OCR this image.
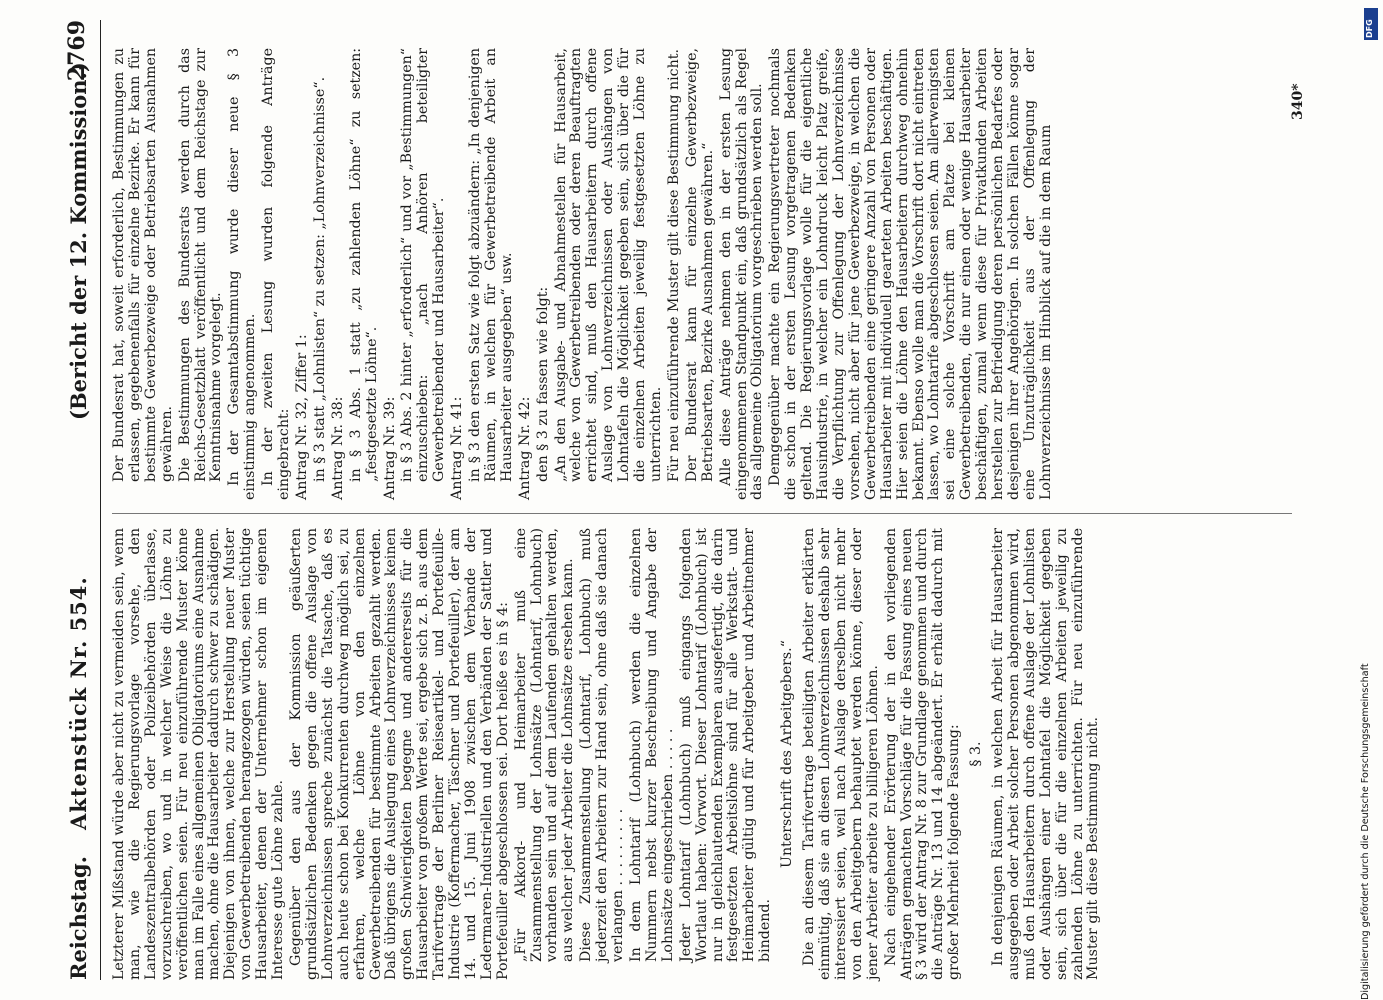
Reichstag.
Aktenstück Nr. 554.
(Bericht der 12. Kommission.)
2769

Letzterer Mißstand würde aber nicht zu vermeiden sein, wenn man, wie die Regierungsvorlage vorsehe, den Landeszentralbehörden oder Polizeibehörden überlasse, vorzuschreiben, wo und in welcher Weise die Löhne zu veröffentlichen seien. Für neu einzuführende Muster könne man im Falle eines allgemeinen Obligatoriums eine Ausnahme machen, ohne die Hausarbeiter dadurch schwer zu schädigen. Diejenigen von ihnen, welche zur Herstellung neuer Muster von Gewerbetreibenden herangezogen würden, seien tüchtige Hausarbeiter, denen der Unternehmer schon im eigenen Interesse gute Löhne zahle. Gegenüber den aus der Kommission geäußerten grundsätzlichen Bedenken gegen die offene Auslage von Lohnverzeichnissen spreche zunächst die Tatsache, daß es auch heute schon bei Konkurrenten durchweg möglich sei, zu erfahren, welche Löhne von den einzelnen Gewerbetreibenden für bestimmte Arbeiten gezahlt werden. Daß übrigens die Auslegung eines Lohnverzeichnisses keinen großen Schwierigkeiten begegne und andererseits für die Hausarbeiter von großem Werte sei, ergebe sich z. B. aus dem Tarifvertrage der Berliner Reiseartikel- und Portefeuille-Industrie (Koffermacher, Täschner und Portefeuiller), der am 14. und 15. Juni 1908 zwischen dem Verbande der Ledermaren-Industriellen und den Verbänden der Sattler und Portefeuiller abgeschlossen sei. Dort heiße es in § 4: „Für Akkord- und Heimarbeiter muß eine Zusammenstellung der Lohnsätze (Lohntarif, Lohnbuch) vorhanden sein und auf dem Laufenden gehalten werden, aus welcher jeder Arbeiter die Lohnsätze ersehen kann. Diese Zusammenstellung (Lohntarif, Lohnbuch) muß jederzeit den Arbeitern zur Hand sein, ohne daß sie danach verlangen . . . . . . . . . In dem Lohntarif (Lohnbuch) werden die einzelnen Nummern nebst kurzer Beschreibung und Angabe der Lohnsätze eingeschrieben . . . . . Jeder Lohntarif (Lohnbuch) muß eingangs folgenden Wortlaut haben: Vorwort. Dieser Lohntarif (Lohnbuch) ist nur in gleichlautenden Exemplaren ausgefertigt, die darin festgesetzten Arbeitslöhne sind für alle Werkstatt- und Heimarbeiter gültig und für Arbeitgeber und Arbeitnehmer bindend.

Unterschrift des Arbeitgebers.“ Die an diesem Tarifvertrage beteiligten Arbeiter erklärten einmütig, daß sie an diesen Lohnverzeichnissen deshalb sehr interessiert seien, weil nach Auslage derselben nicht mehr von den Arbeitgebern behauptet werden könne, dieser oder jener Arbeiter arbeite zu billigeren Löhnen. Nach eingehender Erörterung der in den vorliegenden Anträgen gemachten Vorschläge für die Fassung eines neuen § 3 wird der Antrag Nr. 8 zur Grundlage genommen und durch die Anträge Nr. 13 und 14 abgeändert. Er erhält dadurch mit großer Mehrheit folgende Fassung: § 3. In denjenigen Räumen, in welchen Arbeit für Hausarbeiter ausgegeben oder Arbeit solcher Personen abgenommen wird, muß den Hausarbeitern durch offene Auslage der Lohnlisten oder Aushängen einer Lohntafel die Möglichkeit gegeben sein, sich über die für die einzelnen Arbeiten jeweilig zu zahlenden Löhne zu unterrichten. Für neu einzuführende Muster gilt diese Bestimmung nicht.

Der Bundesrat hat, soweit erforderlich, Bestimmungen zu erlassen, gegebenenfalls für einzelne Bezirke. Er kann für bestimmte Gewerbezweige oder Betriebsarten Ausnahmen gewähren. Die Bestimmungen des Bundesrats werden durch das Reichs-Gesetzblatt veröffentlicht und dem Reichstage zur Kenntnisnahme vorgelegt. In der Gesamtabstimmung wurde dieser neue § 3 einstimmig angenommen. In der zweiten Lesung wurden folgende Anträge eingebracht: Antrag Nr. 32, Ziffer 1: in § 3 statt „Lohnlisten“ zu setzen: „Lohnverzeichnisse“. Antrag Nr. 38: in § 3 Abs. 1 statt „zu zahlenden Löhne“ zu setzen: „festgesetzte Löhne“. Antrag Nr. 39: in § 3 Abs. 2 hinter „erforderlich“ und vor „Bestimmungen“ einzuschieben: „nach Anhören beteiligter Gewerbetreibender und Hausarbeiter“. Antrag Nr. 41: in § 3 den ersten Satz wie folgt abzuändern: „In denjenigen Räumen, in welchen für Gewerbetreibende Arbeit an Hausarbeiter ausgegeben“ usw. Antrag Nr. 42: den § 3 zu fassen wie folgt: „An den Ausgabe- und Abnahmestellen für Hausarbeit, welche von Gewerbetreibenden oder deren Beauftragten errichtet sind, muß den Hausarbeitern durch offene Auslage von Lohnverzeichnissen oder Aushängen von Lohntafeln die Möglichkeit gegeben sein, sich über die für die einzelnen Arbeiten jeweilig festgesetzten Löhne zu unterrichten. Für neu einzuführende Muster gilt diese Bestimmung nicht. Der Bundesrat kann für einzelne Gewerbezweige, Betriebsarten, Bezirke Ausnahmen gewähren.“ Alle diese Anträge nehmen den in der ersten Lesung eingenommenen Standpunkt ein, daß grundsätzlich als Regel das allgemeine Obligatorium vorgeschrieben werden soll. Demgegenüber machte ein Regierungsvertreter nochmals die schon in der ersten Lesung vorgetragenen Bedenken geltend. Die Regierungsvorlage wolle für die eigentliche Hausindustrie, in welcher ein Lohndruck leicht Platz greife, die Verpflichtung zur Offenlegung der Lohnverzeichnisse vorsehen, nicht aber für jene Gewerbezweige, in welchen die Gewerbetreibenden eine geringere Anzahl von Personen oder Hausarbeiter mit individuell gearteten Arbeiten beschäftigen. Hier seien die Löhne den Hausarbeitern durchweg ohnehin bekannt. Ebenso wolle man die Vorschrift dort nicht eintreten lassen, wo Lohntarife abgeschlossen seien. Am allerwenigsten sei eine solche Vorschrift am Platze bei kleinen Gewerbetreibenden, die nur einen oder wenige Hausarbeiter beschäftigen, zumal wenn diese für Privatkunden Arbeiten herstellen zur Befriedigung deren persönlichen Bedarfes oder desjenigen ihrer Angehörigen. In solchen Fällen könne sogar eine Unzuträglichkeit aus der Offenlegung der Lohnverzeichnisse im Hinblick auf die in dem Raum

340*
DFG
Digitalisierung gefördert durch die Deutsche Forschungsgemeinschaft
